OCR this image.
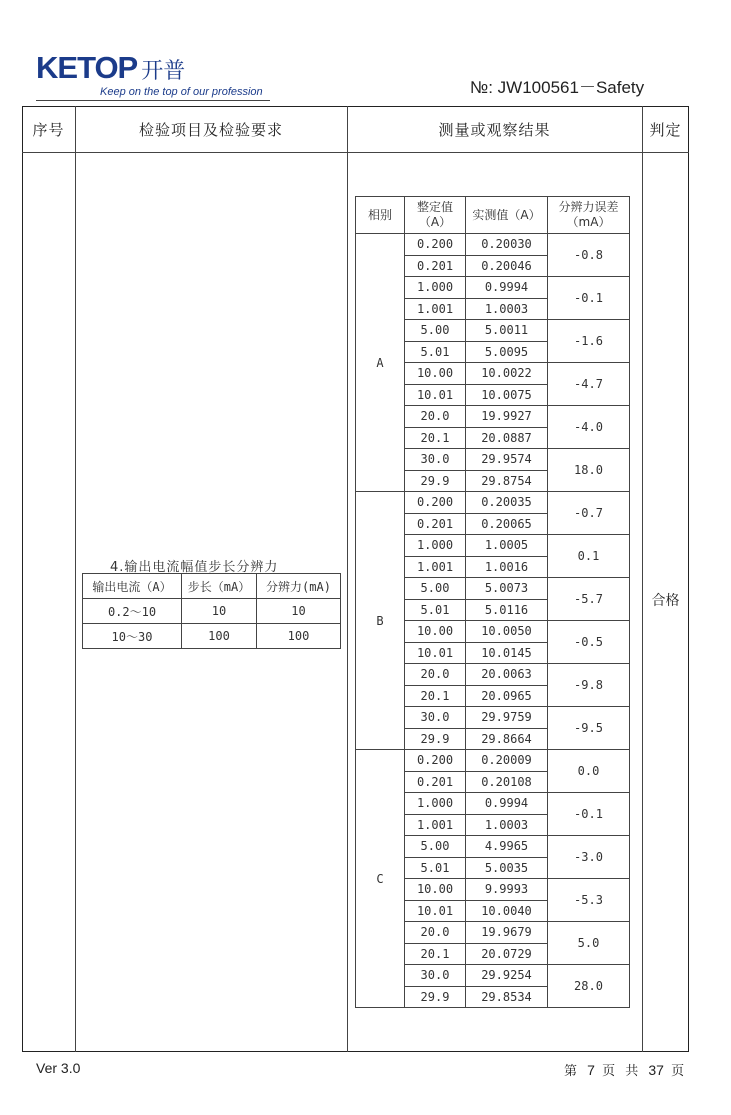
KETOP 开普
Keep on the top of our profession	№: JW100561－Safety
序号	检验项目及检验要求	测量或观察结果	判定
4.输出电流幅值步长分辨力
输出电流（A）	步长（mA）	分辨力(mA)
0.2～10	10	10
10～30	100	100
相别	整定值（A）	实测值（A）	分辨力误差（mA）
A	0.200	0.20030	-0.8
	0.201	0.20046	
	1.000	0.9994	-0.1
	1.001	1.0003	
	5.00	5.0011	-1.6
	5.01	5.0095	
	10.00	10.0022	-4.7
	10.01	10.0075	
	20.0	19.9927	-4.0
	20.1	20.0887	
	30.0	29.9574	18.0
	29.9	29.8754	
B	0.200	0.20035	-0.7
	0.201	0.20065	
	1.000	1.0005	0.1
	1.001	1.0016	
	5.00	5.0073	-5.7
	5.01	5.0116	
	10.00	10.0050	-0.5
	10.01	10.0145	
	20.0	20.0063	-9.8
	20.1	20.0965	
	30.0	29.9759	-9.5
	29.9	29.8664	
C	0.200	0.20009	0.0
	0.201	0.20108	
	1.000	0.9994	-0.1
	1.001	1.0003	
	5.00	4.9965	-3.0
	5.01	5.0035	
	10.00	9.9993	-5.3
	10.01	10.0040	
	20.0	19.9679	5.0
	20.1	20.0729	
	30.0	29.9254	28.0
	29.9	29.8534	
合格
Ver 3.0	第 7 页 共 37 页
